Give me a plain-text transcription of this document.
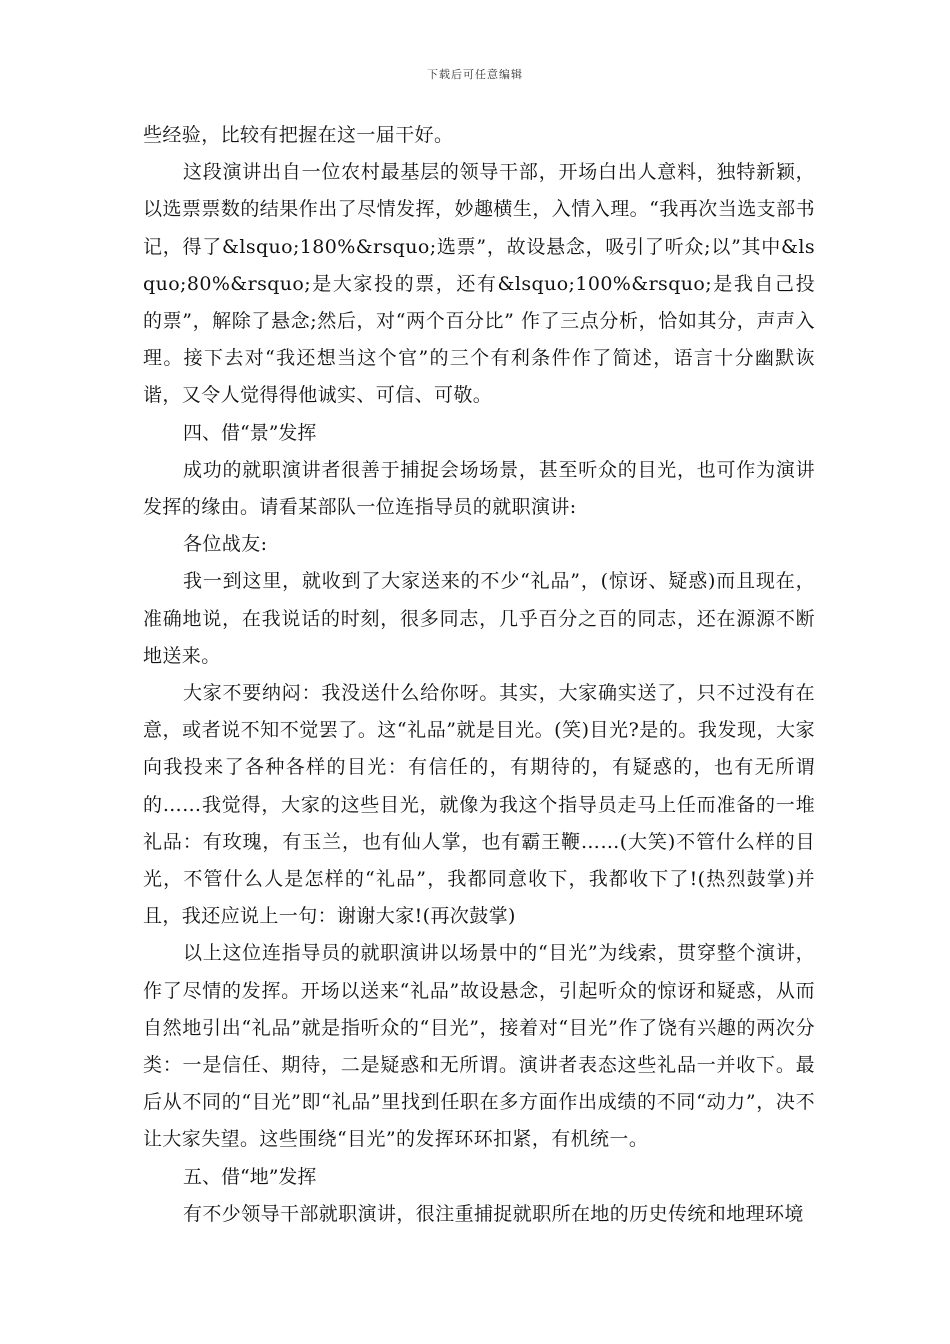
下载后可任意编辑

些经验，比较有把握在这一届干好。

这段演讲出自一位农村最基层的领导干部，开场白出人意料，独特新颖，以选票票数的结果作出了尽情发挥，妙趣横生，入情入理。“我再次当选支部书记，得了&lsquo;180%&rsquo;选票”，故设悬念，吸引了听众;以”其中&lsquo;80%&rsquo;是大家投的票，还有&lsquo;100%&rsquo;是我自己投的票”，解除了悬念;然后，对“两个百分比” 作了三点分析，恰如其分，声声入理。接下去对“我还想当这个官”的三个有利条件作了简述，语言十分幽默诙谐，又令人觉得得他诚实、可信、可敬。

四、借“景”发挥

成功的就职演讲者很善于捕捉会场场景，甚至听众的目光，也可作为演讲发挥的缘由。请看某部队一位连指导员的就职演讲:

各位战友:

我一到这里，就收到了大家送来的不少“礼品”，(惊讶、疑惑)而且现在，准确地说，在我说话的时刻，很多同志，几乎百分之百的同志，还在源源不断地送来。

大家不要纳闷：我没送什么给你呀。其实，大家确实送了，只不过没有在意，或者说不知不觉罢了。这“礼品”就是目光。(笑)目光?是的。我发现，大家向我投来了各种各样的目光：有信任的，有期待的，有疑惑的，也有无所谓的……我觉得，大家的这些目光，就像为我这个指导员走马上任而准备的一堆礼品：有玫瑰，有玉兰，也有仙人掌，也有霸王鞭……(大笑)不管什么样的目光，不管什么人是怎样的“礼品”，我都同意收下，我都收下了!(热烈鼓掌)并且，我还应说上一句：谢谢大家!(再次鼓掌)

以上这位连指导员的就职演讲以场景中的“目光”为线索，贯穿整个演讲，作了尽情的发挥。开场以送来“礼品”故设悬念，引起听众的惊讶和疑惑，从而自然地引出“礼品”就是指听众的“目光”，接着对“目光”作了饶有兴趣的两次分类：一是信任、期待，二是疑惑和无所谓。演讲者表态这些礼品一并收下。最后从不同的“目光”即“礼品”里找到任职在多方面作出成绩的不同“动力”，决不让大家失望。这些围绕“目光”的发挥环环扣紧，有机统一。

五、借“地”发挥

有不少领导干部就职演讲，很注重捕捉就职所在地的历史传统和地理环境
